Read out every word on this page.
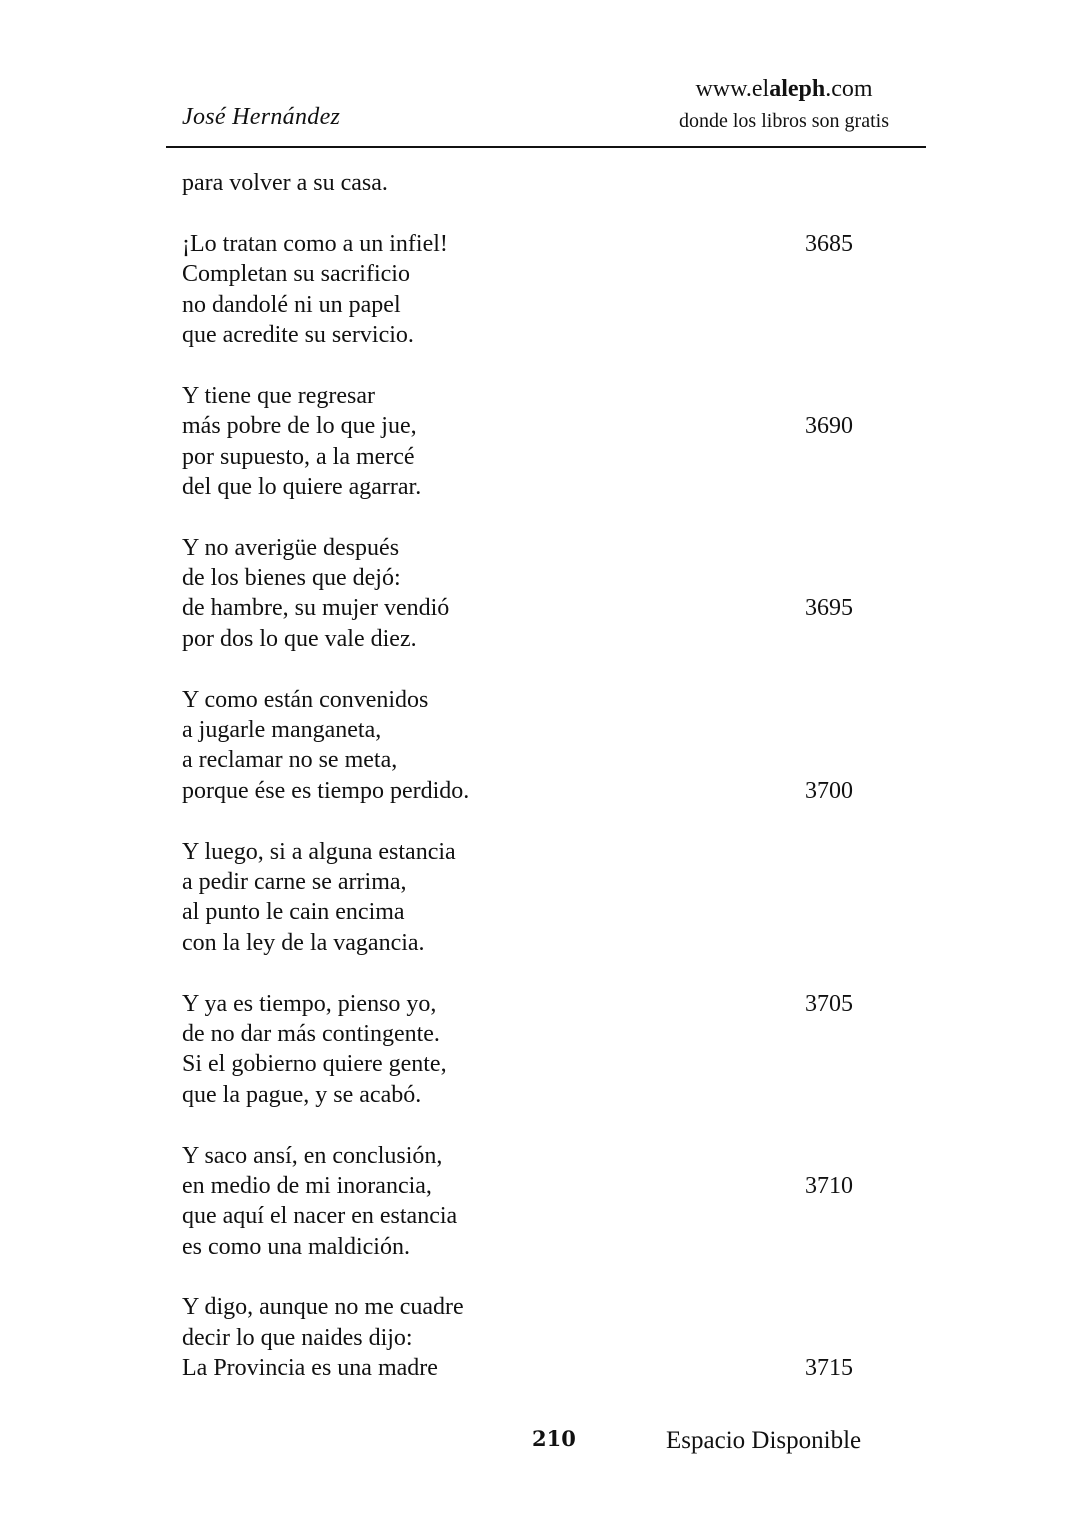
José Hernández
www.elaleph.com
donde los libros son gratis
para volver a su casa.
¡Lo tratan como a un infiel!	3685
Completan su sacrificio
no dandolé ni un papel
que acredite su servicio.
Y tiene que regresar
más pobre de lo que jue,	3690
por supuesto, a la mercé
del que lo quiere agarrar.
Y no averigüe después
de los bienes que dejó:
de hambre, su mujer vendió	3695
por dos lo que vale diez.
Y como están convenidos
a jugarle manganeta,
a reclamar no se meta,
porque ése es tiempo perdido.	3700
Y luego, si a alguna estancia
a pedir carne se arrima,
al punto le cain encima
con la ley de la vagancia.
Y ya es tiempo, pienso yo,	3705
de no dar más contingente.
Si el gobierno quiere gente,
que la pague, y se acabó.
Y saco ansí, en conclusión,
en medio de mi inorancia,	3710
que aquí el nacer en estancia
es como una maldición.
Y digo, aunque no me cuadre
decir lo que naides dijo:
La Provincia es una madre	3715
210	Espacio Disponible
